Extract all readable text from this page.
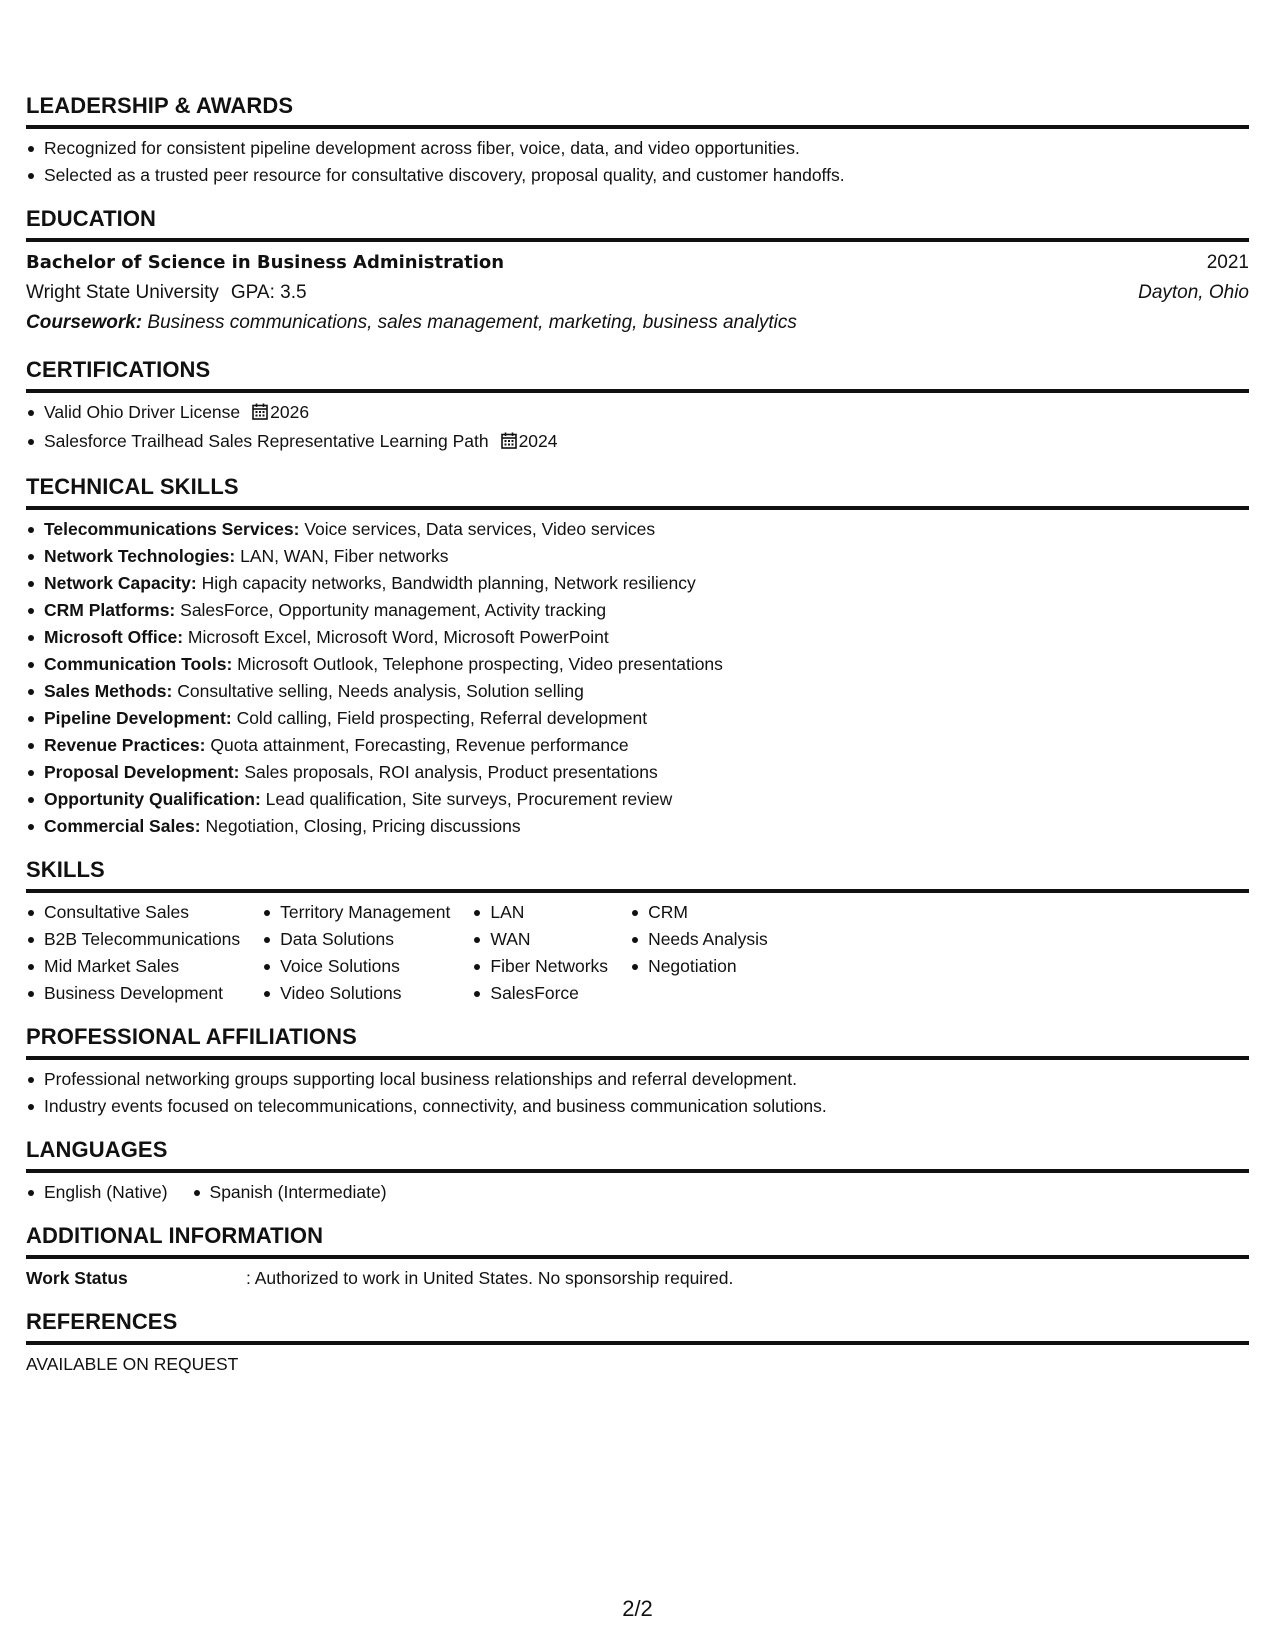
LEADERSHIP & AWARDS
Recognized for consistent pipeline development across fiber, voice, data, and video opportunities.
Selected as a trusted peer resource for consultative discovery, proposal quality, and customer handoffs.
EDUCATION
Bachelor of Science in Business Administration	2021
Wright State University GPA: 3.5	Dayton, Ohio
Coursework: Business communications, sales management, marketing, business analytics
CERTIFICATIONS
Valid Ohio Driver License 2026
Salesforce Trailhead Sales Representative Learning Path 2024
TECHNICAL SKILLS
Telecommunications Services: Voice services, Data services, Video services
Network Technologies: LAN, WAN, Fiber networks
Network Capacity: High capacity networks, Bandwidth planning, Network resiliency
CRM Platforms: SalesForce, Opportunity management, Activity tracking
Microsoft Office: Microsoft Excel, Microsoft Word, Microsoft PowerPoint
Communication Tools: Microsoft Outlook, Telephone prospecting, Video presentations
Sales Methods: Consultative selling, Needs analysis, Solution selling
Pipeline Development: Cold calling, Field prospecting, Referral development
Revenue Practices: Quota attainment, Forecasting, Revenue performance
Proposal Development: Sales proposals, ROI analysis, Product presentations
Opportunity Qualification: Lead qualification, Site surveys, Procurement review
Commercial Sales: Negotiation, Closing, Pricing discussions
SKILLS
Consultative Sales
B2B Telecommunications
Mid Market Sales
Business Development
Territory Management
Data Solutions
Voice Solutions
Video Solutions
LAN
WAN
Fiber Networks
SalesForce
CRM
Needs Analysis
Negotiation
PROFESSIONAL AFFILIATIONS
Professional networking groups supporting local business relationships and referral development.
Industry events focused on telecommunications, connectivity, and business communication solutions.
LANGUAGES
English (Native)	Spanish (Intermediate)
ADDITIONAL INFORMATION
Work Status	: Authorized to work in United States. No sponsorship required.
REFERENCES
AVAILABLE ON REQUEST
2/2
